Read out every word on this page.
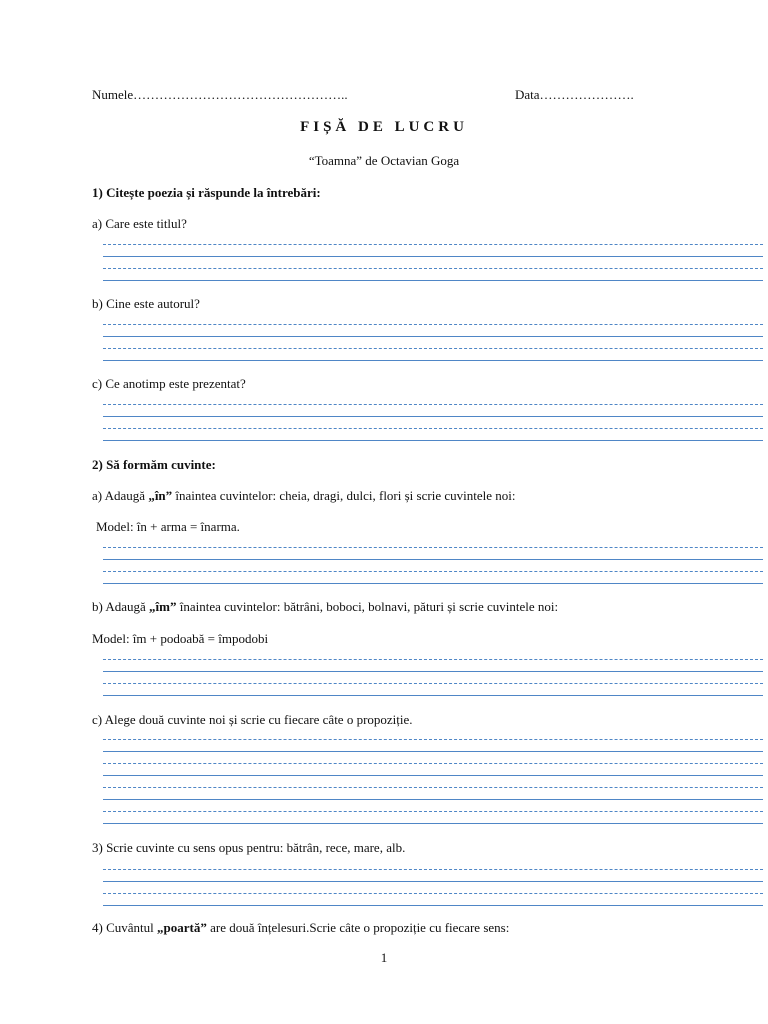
Numele…………………………………………..	Data………………….
FIȘĂ DE LUCRU
“Toamna” de Octavian Goga
1) Citește poezia și răspunde la întrebări:
a) Care este titlul?
b) Cine este autorul?
c) Ce anotimp este prezentat?
2) Să formăm cuvinte:
a) Adaugă „în” înaintea cuvintelor: cheia, dragi, dulci, flori și scrie cuvintele noi:
Model: în + arma = înarma.
b) Adaugă „îm” înaintea cuvintelor: bătrâni, boboci, bolnavi, pături și scrie cuvintele noi:
Model: îm + podoabă = împodobi
c) Alege două cuvinte noi și scrie cu fiecare câte o propoziție.
3) Scrie cuvinte cu sens opus pentru: bătrân, rece, mare, alb.
4) Cuvântul „poartă” are două înțelesuri.Scrie câte o propoziție cu fiecare sens:
1
